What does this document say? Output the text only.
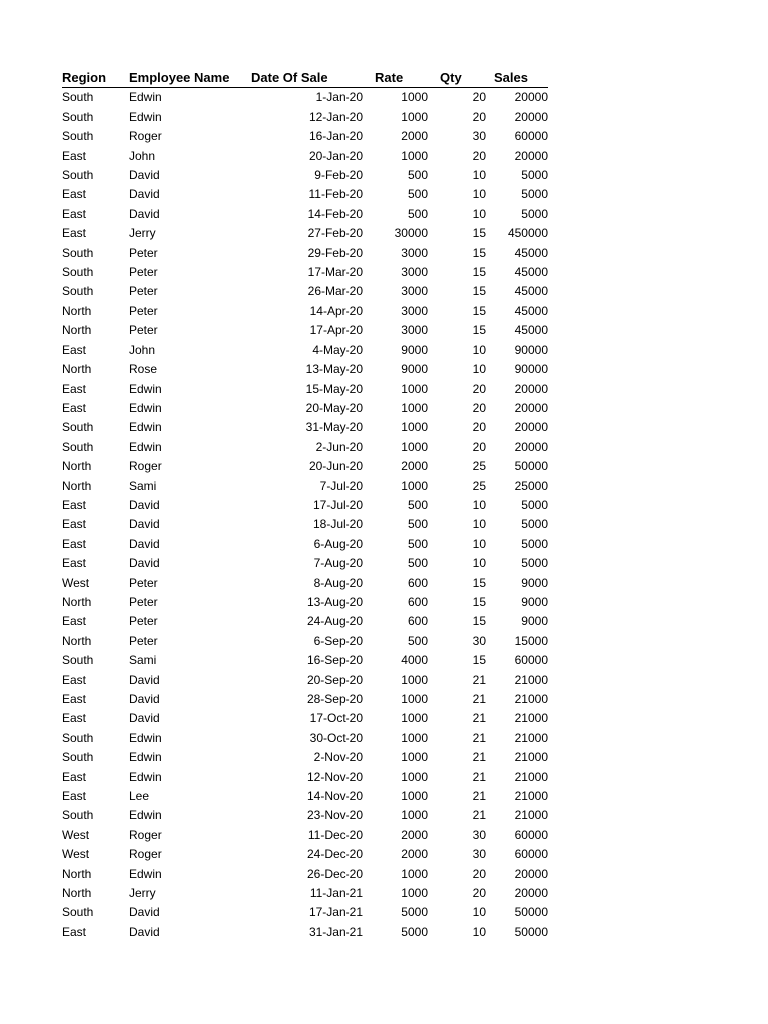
Region	Employee Name	Date Of Sale	Rate	Qty	Sales
South	Edwin	1-Jan-20	1000	20	20000
South	Edwin	12-Jan-20	1000	20	20000
South	Roger	16-Jan-20	2000	30	60000
East	John	20-Jan-20	1000	20	20000
South	David	9-Feb-20	500	10	5000
East	David	11-Feb-20	500	10	5000
East	David	14-Feb-20	500	10	5000
East	Jerry	27-Feb-20	30000	15	450000
South	Peter	29-Feb-20	3000	15	45000
South	Peter	17-Mar-20	3000	15	45000
South	Peter	26-Mar-20	3000	15	45000
North	Peter	14-Apr-20	3000	15	45000
North	Peter	17-Apr-20	3000	15	45000
East	John	4-May-20	9000	10	90000
North	Rose	13-May-20	9000	10	90000
East	Edwin	15-May-20	1000	20	20000
East	Edwin	20-May-20	1000	20	20000
South	Edwin	31-May-20	1000	20	20000
South	Edwin	2-Jun-20	1000	20	20000
North	Roger	20-Jun-20	2000	25	50000
North	Sami	7-Jul-20	1000	25	25000
East	David	17-Jul-20	500	10	5000
East	David	18-Jul-20	500	10	5000
East	David	6-Aug-20	500	10	5000
East	David	7-Aug-20	500	10	5000
West	Peter	8-Aug-20	600	15	9000
North	Peter	13-Aug-20	600	15	9000
East	Peter	24-Aug-20	600	15	9000
North	Peter	6-Sep-20	500	30	15000
South	Sami	16-Sep-20	4000	15	60000
East	David	20-Sep-20	1000	21	21000
East	David	28-Sep-20	1000	21	21000
East	David	17-Oct-20	1000	21	21000
South	Edwin	30-Oct-20	1000	21	21000
South	Edwin	2-Nov-20	1000	21	21000
East	Edwin	12-Nov-20	1000	21	21000
East	Lee	14-Nov-20	1000	21	21000
South	Edwin	23-Nov-20	1000	21	21000
West	Roger	11-Dec-20	2000	30	60000
West	Roger	24-Dec-20	2000	30	60000
North	Edwin	26-Dec-20	1000	20	20000
North	Jerry	11-Jan-21	1000	20	20000
South	David	17-Jan-21	5000	10	50000
East	David	31-Jan-21	5000	10	50000
